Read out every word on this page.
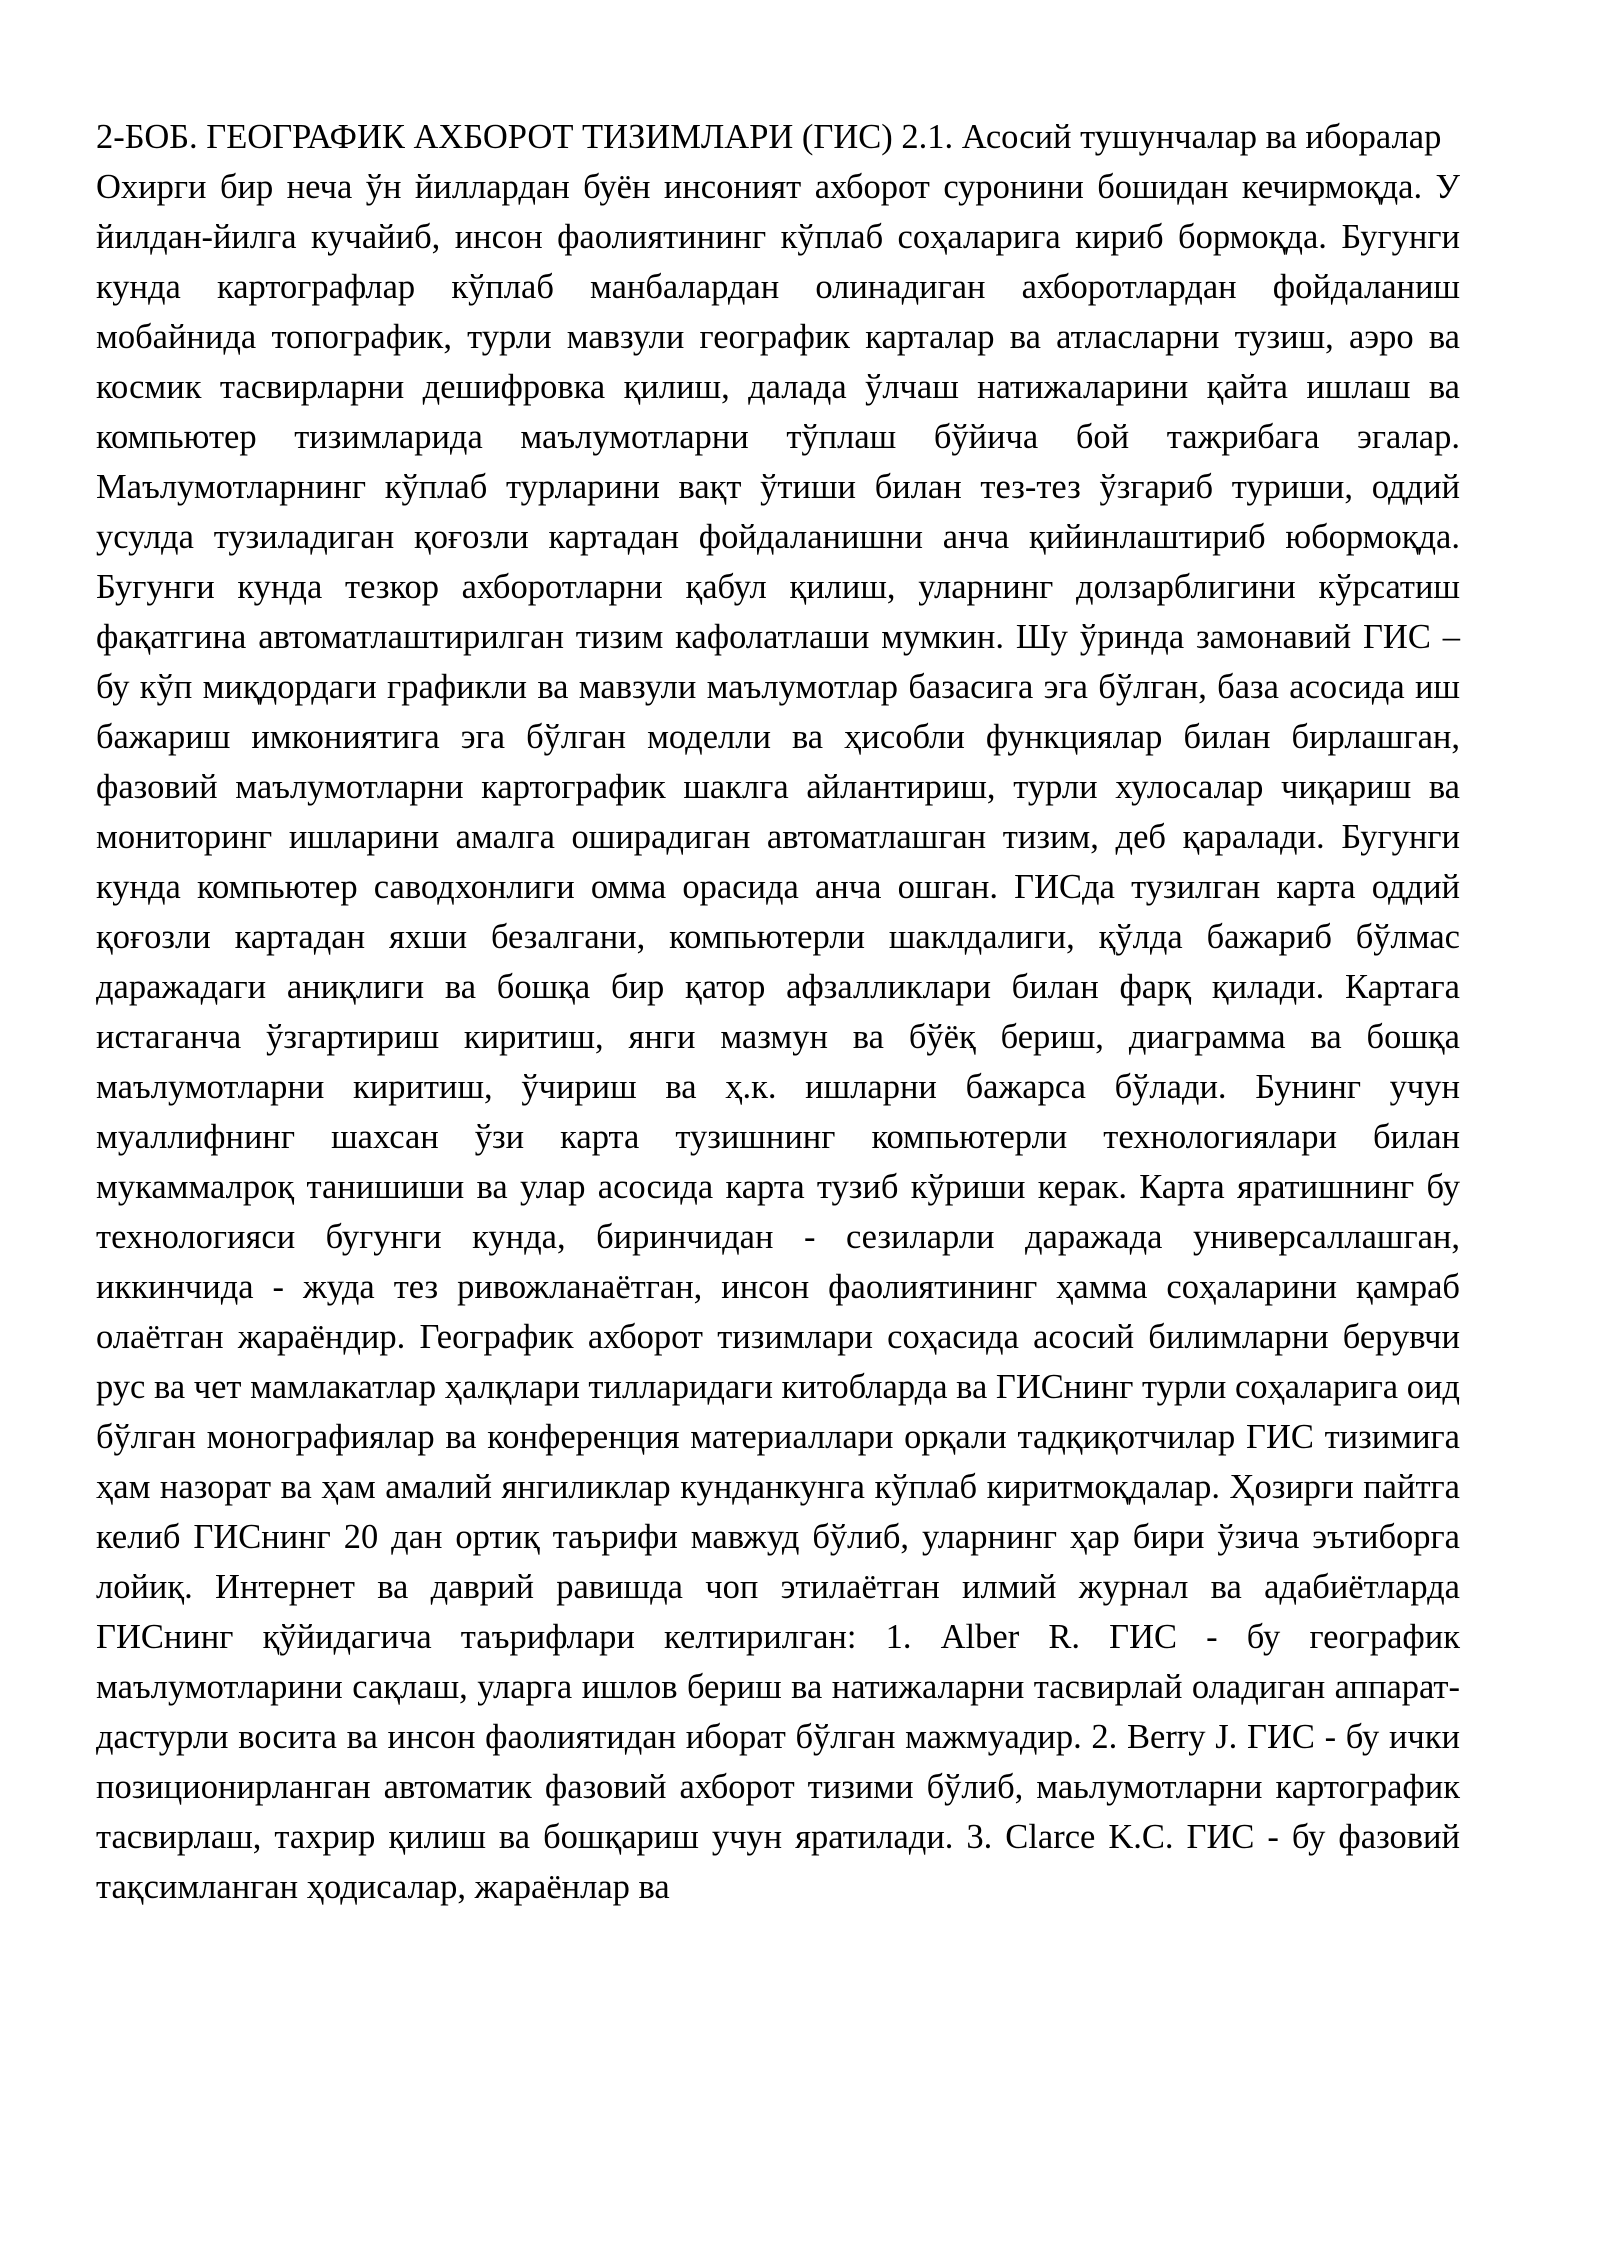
2-БОБ. ГЕОГРАФИК АХБОРОТ ТИЗИМЛАРИ (ГИС) 2.1. Асосий тушунчалар ва иборалар

Охирги бир неча ўн йиллардан буён инсоният ахборот суронини бошидан кечирмоқда. У йилдан-йилга кучайиб, инсон фаолиятининг кўплаб соҳаларига кириб бормоқда. Бугунги кунда картографлар кўплаб манбалардан олинадиган ахборотлардан фойдаланиш мобайнида топографик, турли мавзули географик карталар ва атласларни тузиш, аэро ва космик тасвирларни дешифровка қилиш, далада ўлчаш натижаларини қайта ишлаш ва компьютер тизимларида маълумотларни тўплаш бўйича бой тажрибага эгалар. Маълумотларнинг кўплаб турларини вақт ўтиши билан тез-тез ўзгариб туриши, оддий усулда тузиладиган қоғозли картадан фойдаланишни анча қийинлаштириб юбормоқда. Бугунги кунда тезкор ахборотларни қабул қилиш, уларнинг долзарблигини кўрсатиш фақатгина автоматлаштирилган тизим кафолатлаши мумкин. Шу ўринда замонавий ГИС – бу кўп миқдордаги графикли ва мавзули маълумотлар базасига эга бўлган, база асосида иш бажариш имкониятига эга бўлган моделли ва ҳисобли функциялар билан бирлашган, фазовий маълумотларни картографик шаклга айлантириш, турли хулосалар чиқариш ва мониторинг ишларини амалга оширадиган автоматлашган тизим, деб қаралади. Бугунги кунда компьютер саводхонлиги омма орасида анча ошган. ГИСда тузилган карта оддий қоғозли картадан яхши безалгани, компьютерли шаклдалиги, қўлда бажариб бўлмас даражадаги аниқлиги ва бошқа бир қатор афзалликлари билан фарқ қилади. Картага истаганча ўзгартириш киритиш, янги мазмун ва бўёқ бериш, диаграмма ва бошқа маълумотларни киритиш, ўчириш ва ҳ.к. ишларни бажарса бўлади. Бунинг учун муаллифнинг шахсан ўзи карта тузишнинг компьютерли технологиялари билан мукаммалроқ танишиши ва улар асосида карта тузиб кўриши керак. Карта яратишнинг бу технологияси бугунги кунда, биринчидан - сезиларли даражада универсаллашган, иккинчида - жуда тез ривожланаётган, инсон фаолиятининг ҳамма соҳаларини қамраб олаётган жараёндир. Географик ахборот тизимлари соҳасида асосий билимларни берувчи рус ва чет мамлакатлар ҳалқлари тилларидаги китобларда ва ГИСнинг турли соҳаларига оид бўлган монографиялар ва конференция материаллари орқали тадқиқотчилар ГИС тизимига ҳам назорат ва ҳам амалий янгиликлар кунданкунга кўплаб киритмоқдалар. Ҳозирги пайтга келиб ГИСнинг 20 дан ортиқ таърифи мавжуд бўлиб, уларнинг ҳар бири ўзича эътиборга лойиқ. Интернет ва даврий равишда чоп этилаётган илмий журнал ва адабиётларда ГИСнинг қўйидагича таърифлари келтирилган: 1. Alber R. ГИС - бу географик маълумотларини сақлаш, уларга ишлов бериш ва натижаларни тасвирлай оладиган аппарат-дастурли восита ва инсон фаолиятидан иборат бўлган мажмуадир. 2. Berry J. ГИС - бу ички позиционирланган автоматик фазовий ахборот тизими бўлиб, маьлумотларни картографик тасвирлаш, тахрир қилиш ва бошқариш учун яратилади. 3. Clarce K.C. ГИС - бу фазовий тақсимланган ҳодисалар, жараёнлар ва
